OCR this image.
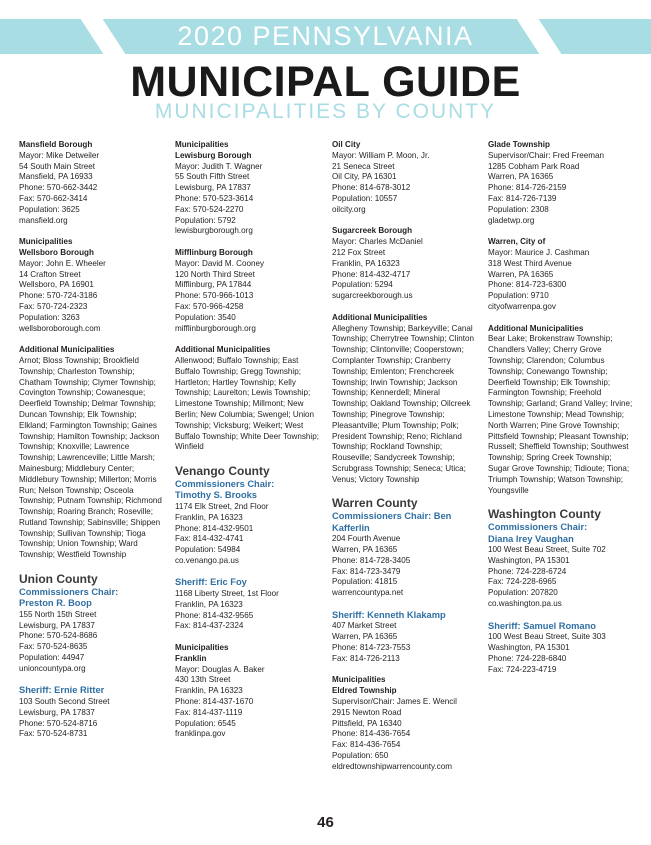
2020 PENNSYLVANIA
MUNICIPAL GUIDE
MUNICIPALITIES BY COUNTY
Mansfield Borough
Mayor: Mike Detweiler
54 South Main Street
Mansfield, PA 16933
Phone: 570-662-3442
Fax: 570-662-3414
Population: 3625
mansfield.org
Municipalities
Wellsboro Borough
Mayor: John E. Wheeler
14 Crafton Street
Wellsboro, PA 16901
Phone: 570-724-3186
Fax: 570-724-2323
Population: 3263
wellsboroborough.com
Additional Municipalities
Arnot; Bloss Township; Brookfield Township; Charleston Township; Chatham Township; Clymer Township; Covington Township; Cowanesque; Deerfield Township; Delmar Township; Duncan Township; Elk Township; Elkland; Farmington Township; Gaines Township; Hamilton Township; Jackson Township; Knoxville; Lawrence Township; Lawrenceville; Little Marsh; Mainesburg; Middlebury Center; Middlebury Township; Millerton; Morris Run; Nelson Township; Osceola Township; Putnam Township; Richmond Township; Roaring Branch; Roseville; Rutland Township; Sabinsville; Shippen Township; Sullivan Township; Tioga Township; Union Township; Ward Township; Westfield Township
Union County
Commissioners Chair:
Preston R. Boop
155 North 15th Street
Lewisburg, PA 17837
Phone: 570-524-8686
Fax: 570-524-8635
Population: 44947
unioncountypa.org
Sheriff: Ernie Ritter
103 South Second Street
Lewisburg, PA 17837
Phone: 570-524-8716
Fax: 570-524-8731
Municipalities
Lewisburg Borough
Mayor: Judith T. Wagner
55 South Fifth Street
Lewisburg, PA 17837
Phone: 570-523-3614
Fax: 570-524-2270
Population: 5792
lewisburgborough.org
Mifflinburg Borough
Mayor: David M. Cooney
120 North Third Street
Mifflinburg, PA 17844
Phone: 570-966-1013
Fax: 570-966-4258
Population: 3540
mifflinburgborough.org
Additional Municipalities
Allenwood; Buffalo Township; East Buffalo Township; Gregg Township; Hartleton; Hartley Township; Kelly Township; Laurelton; Lewis Township; Limestone Township; Millmont; New Berlin; New Columbia; Swengel; Union Township; Vicksburg; Weikert; West Buffalo Township; White Deer Township; Winfield
Venango County
Commissioners Chair:
Timothy S. Brooks
1174 Elk Street, 2nd Floor
Franklin, PA 16323
Phone: 814-432-9501
Fax: 814-432-4741
Population: 54984
co.venango.pa.us
Sheriff: Eric Foy
1168 Liberty Street, 1st Floor
Franklin, PA 16323
Phone: 814-432-9565
Fax: 814-437-2324
Municipalities
Franklin
Mayor: Douglas A. Baker
430 13th Street
Franklin, PA 16323
Phone: 814-437-1670
Fax: 814-437-1119
Population: 6545
franklinpa.gov
Oil City
Mayor: William P. Moon, Jr.
21 Seneca Street
Oil City, PA 16301
Phone: 814-678-3012
Population: 10557
oilcity.org
Sugarcreek Borough
Mayor: Charles McDaniel
212 Fox Street
Franklin, PA 16323
Phone: 814-432-4717
Population: 5294
sugarcreekborough.us
Additional Municipalities
Allegheny Township; Barkeyville; Canal Township; Cherrytree Township; Clinton Township; Clintonville; Cooperstown; Cornplanter Township; Cranberry Township; Emlenton; Frenchcreek Township; Irwin Township; Jackson Township; Kennerdell; Mineral Township; Oakland Township; Oilcreek Township; Pinegrove Township; Pleasantville; Plum Township; Polk; President Township; Reno; Richland Township; Rockland Township; Rouseville; Sandycreek Township; Scrubgrass Township; Seneca; Utica; Venus; Victory Township
Warren County
Commissioners Chair: Ben Kafferlin
204 Fourth Avenue
Warren, PA 16365
Phone: 814-728-3405
Fax: 814-723-3479
Population: 41815
warrencountypa.net
Sheriff: Kenneth Klakamp
407 Market Street
Warren, PA 16365
Phone: 814-723-7553
Fax: 814-726-2113
Municipalities
Eldred Township
Supervisor/Chair: James E. Wencil
2915 Newton Road
Pittsfield, PA 16340
Phone: 814-436-7654
Fax: 814-436-7654
Population: 650
eldredtownshipwarrencounty.com
Glade Township
Supervisor/Chair: Fred Freeman
1285 Cobham Park Road
Warren, PA 16365
Phone: 814-726-2159
Fax: 814-726-7139
Population: 2308
gladetwp.org
Warren, City of
Mayor: Maurice J. Cashman
318 West Third Avenue
Warren, PA 16365
Phone: 814-723-6300
Population: 9710
cityofwarrenpa.gov
Additional Municipalities
Bear Lake; Brokenstraw Township; Chandlers Valley; Cherry Grove Township; Clarendon; Columbus Township; Conewango Township; Deerfield Township; Elk Township; Farmington Township; Freehold Township; Garland; Grand Valley; Irvine; Limestone Township; Mead Township; North Warren; Pine Grove Township; Pittsfield Township; Pleasant Township; Russell; Sheffield Township; Southwest Township; Spring Creek Township; Sugar Grove Township; Tidioute; Tiona; Triumph Township; Watson Township; Youngsville
Washington County
Commissioners Chair:
Diana Irey Vaughan
100 West Beau Street, Suite 702
Washington, PA 15301
Phone: 724-228-6724
Fax: 724-228-6965
Population: 207820
co.washington.pa.us
Sheriff: Samuel Romano
100 West Beau Street, Suite 303
Washington, PA 15301
Phone: 724-228-6840
Fax: 724-223-4719
46
